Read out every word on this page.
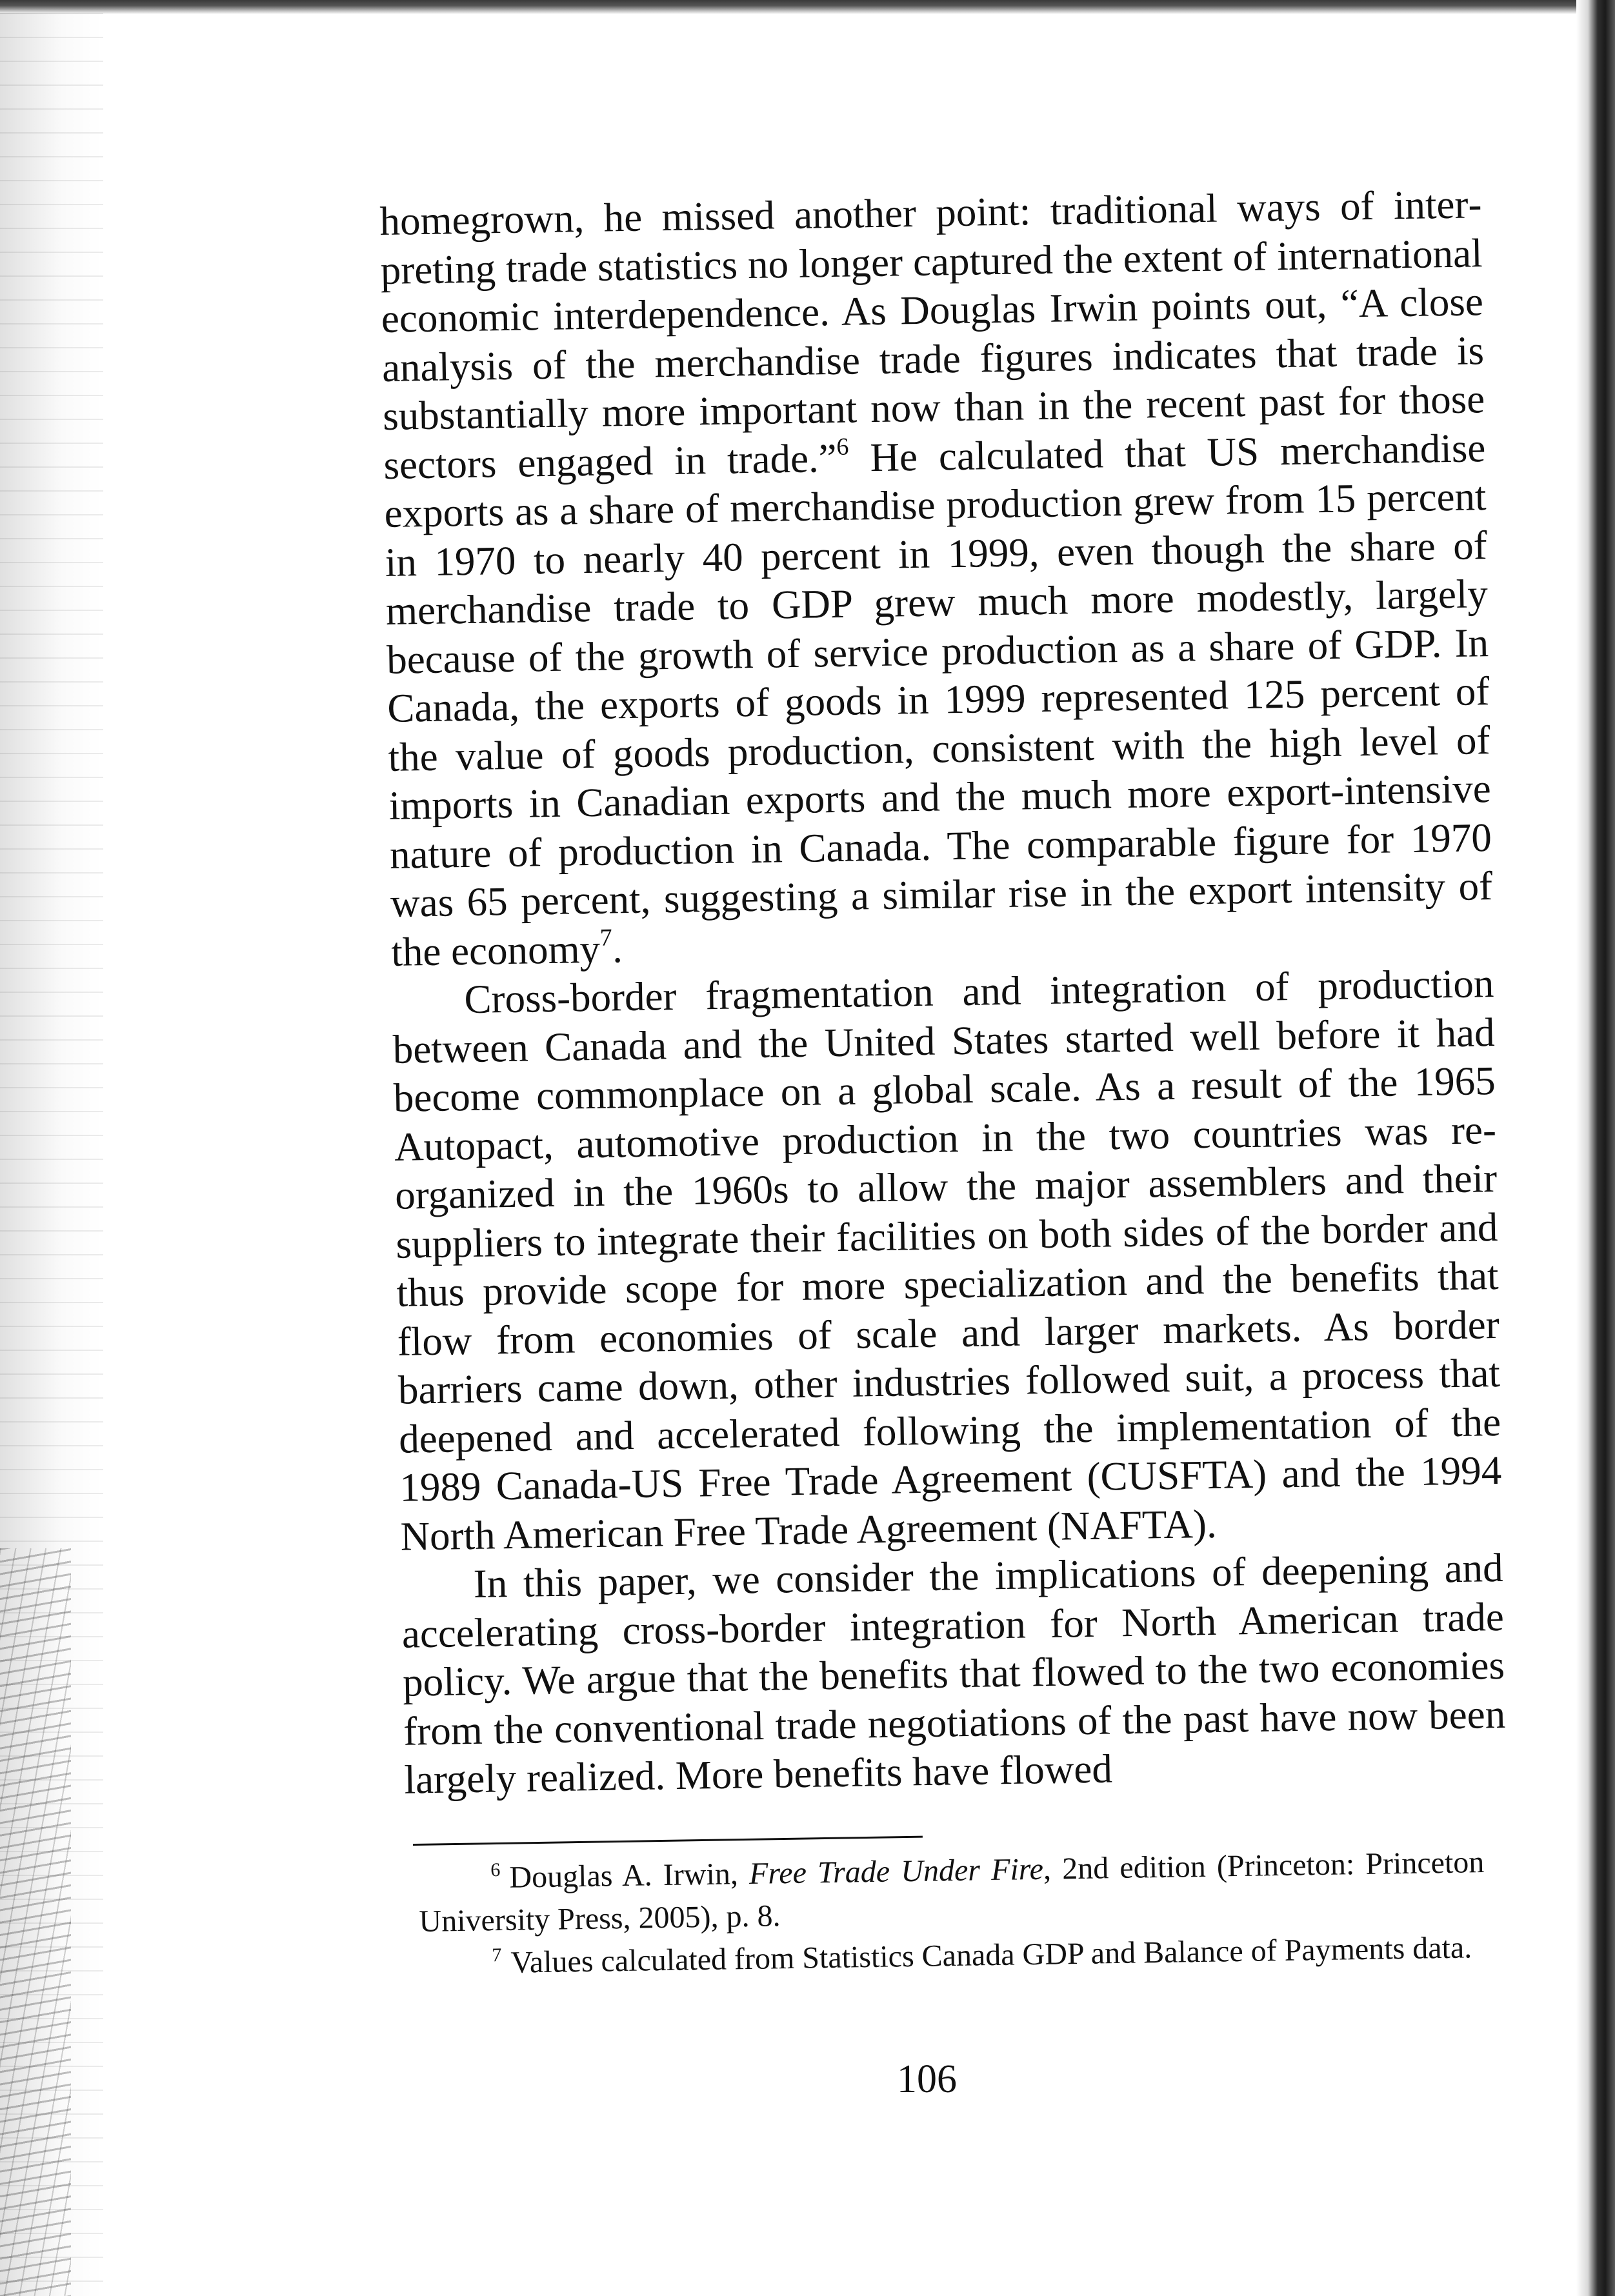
homegrown, he missed another point: traditional ways of interpreting trade statistics no longer captured the extent of international economic interdependence. As Douglas Irwin points out, “A close analysis of the merchandise trade figures indicates that trade is substantially more important now than in the recent past for those sectors engaged in trade.”$^6$ He calculated that US merchandise exports as a share of merchandise production grew from 15 percent in 1970 to nearly 40 percent in 1999, even though the share of merchandise trade to GDP grew much more modestly, largely because of the growth of service production as a share of GDP. In Canada, the exports of goods in 1999 represented 125 percent of the value of goods production, consistent with the high level of imports in Canadian exports and the much more export-intensive nature of production in Canada. The comparable figure for 1970 was 65 percent, suggesting a similar rise in the export intensity of the economy$^7$.

Cross-border fragmentation and integration of production between Canada and the United States started well before it had become commonplace on a global scale. As a result of the 1965 Autopact, automotive production in the two countries was reorganized in the 1960s to allow the major assemblers and their suppliers to integrate their facilities on both sides of the border and thus provide scope for more specialization and the benefits that flow from economies of scale and larger markets. As border barriers came down, other industries followed suit, a process that deepened and accelerated following the implementation of the 1989 Canada-US Free Trade Agreement (CUSFTA) and the 1994 North American Free Trade Agreement (NAFTA).

In this paper, we consider the implications of deepening and accelerating cross-border integration for North American trade policy. We argue that the benefits that flowed to the two economies from the conventional trade negotiations of the past have now been largely realized. More benefits have flowed

$^6$ Douglas A. Irwin, Free Trade Under Fire, 2nd edition (Princeton: Princeton University Press, 2005), p. 8.

$^7$ Values calculated from Statistics Canada GDP and Balance of Payments data.

106
